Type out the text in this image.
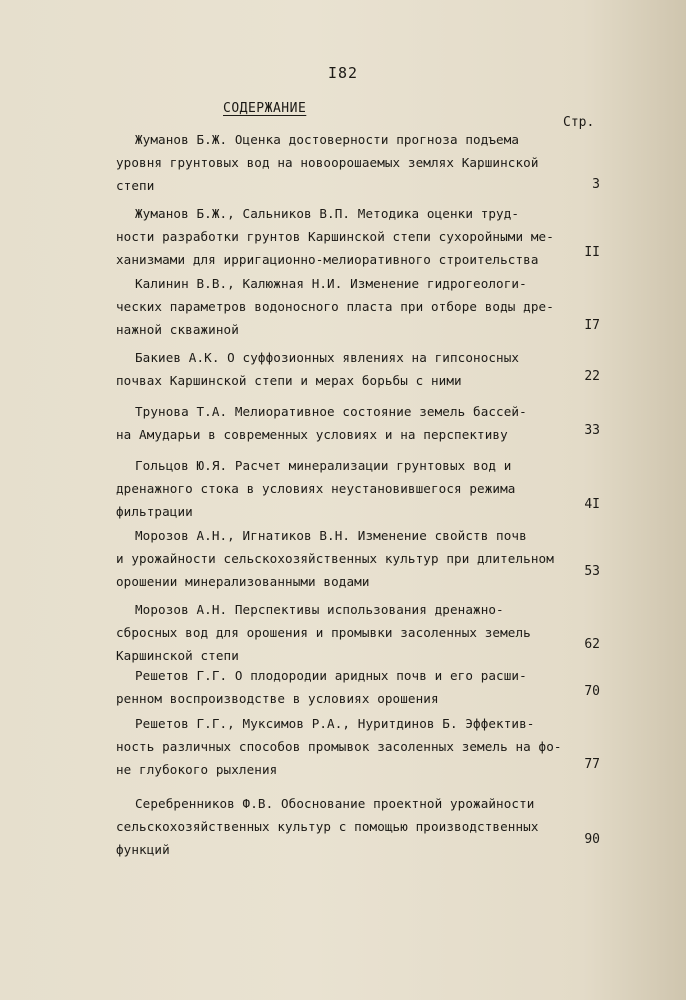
I82
СОДЕРЖАНИЕ
Стр.
Жуманов Б.Ж. Оценка достоверности прогноза подъема
уровня грунтовых вод на новоорошаемых землях Каршинской
степи	3
Жуманов Б.Ж., Сальников В.П. Методика оценки труд-
ности разработки грунтов Каршинской степи сухоройными ме-
ханизмами для ирригационно-мелиоративного строительства	II
Калинин В.В., Калюжная Н.И. Изменение гидрогеологи-
ческих параметров водоносного пласта при отборе воды дре-
нажной скважиной	I7
Бакиев А.К. О суффозионных явлениях на гипсоносных
почвах Каршинской степи и мерах борьбы с ними	22
Трунова Т.А. Мелиоративное состояние земель бассей-
на Амударьи в современных условиях и на перспективу	33
Гольцов Ю.Я. Расчет минерализации грунтовых вод и
дренажного стока в условиях неустановившегося режима
фильтрации	4I
Морозов А.Н., Игнатиков В.Н. Изменение свойств почв
и урожайности сельскохозяйственных культур при длительном
орошении минерализованными водами
53
Морозов А.Н. Перспективы использования дренажно-
сбросных вод для орошения и промывки засоленных земель
Каршинской степи
62
Решетов Г.Г. О плодородии аридных почв и его расши-
ренном воспроизводстве в условиях орошения	70
Решетов Г.Г., Муксимов Р.А., Нуритдинов Б. Эффектив-
ность различных способов промывок засоленных земель на фо-
не глубокого рыхления	77
Серебренников Ф.В. Обоснование проектной урожайности
сельскохозяйственных культур с помощью производственных
функций
90
